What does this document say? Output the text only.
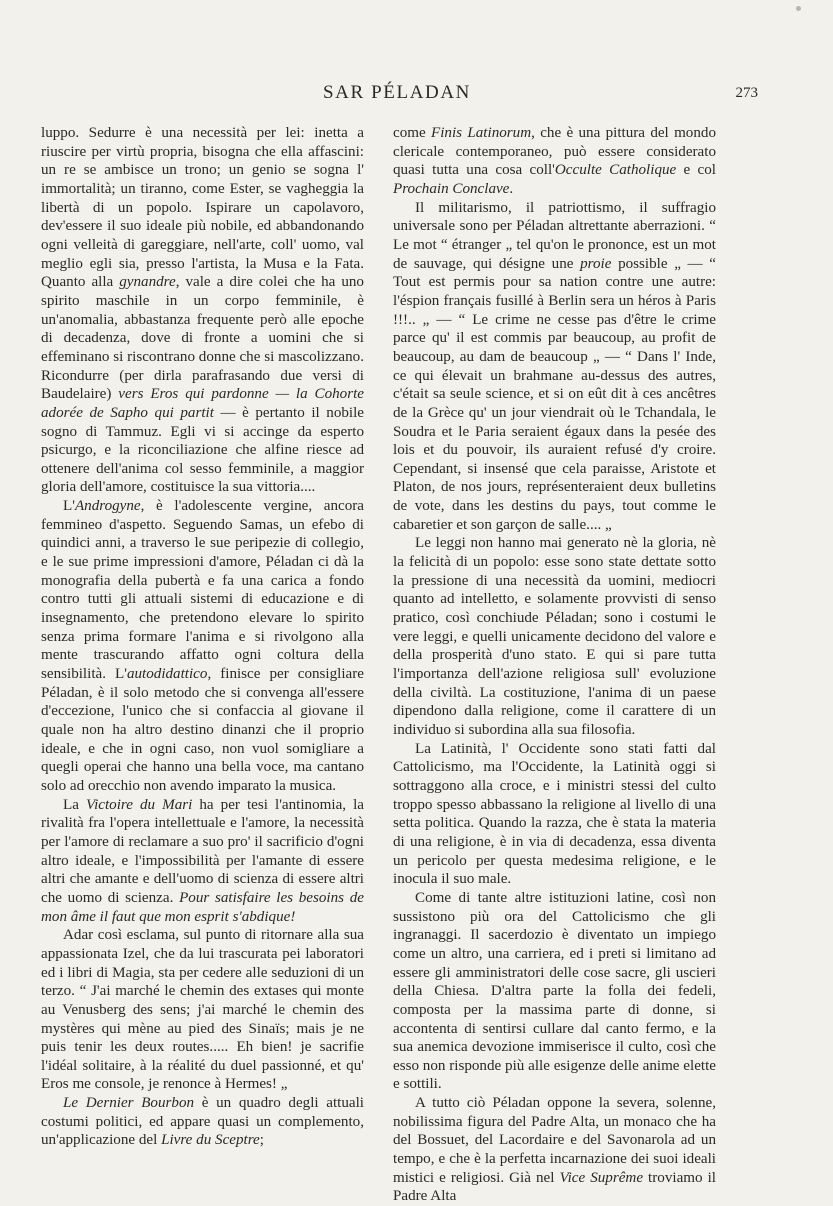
SAR PÉLADAN	273

luppo. Sedurre è una necessità per lei: inetta a riuscire per virtù propria, bisogna che ella affascini: un re se ambisce un trono; un genio se sogna l' immortalità; un tiranno, come Ester, se vagheggia la libertà di un popolo. Ispirare un capolavoro, dev'essere il suo ideale più nobile, ed abbandonando ogni velleità di gareggiare, nell'arte, coll' uomo, val meglio egli sia, presso l'artista, la Musa e la Fata. Quanto alla gynandre, vale a dire colei che ha uno spirito maschile in un corpo femminile, è un'anomalia, abbastanza frequente però alle epoche di decadenza, dove di fronte a uomini che si effeminano si riscontrano donne che si mascolizzano. Ricondurre (per dirla parafrasando due versi di Baudelaire) vers Eros qui pardonne — la Cohorte adorée de Sapho qui partit — è pertanto il nobile sogno di Tammuz. Egli vi si accinge da esperto psicurgo, e la riconciliazione che alfine riesce ad ottenere dell'anima col sesso femminile, a maggior gloria dell'amore, costituisce la sua vittoria....

L'Androgyne, è l'adolescente vergine, ancora femmineo d'aspetto. Seguendo Samas, un efebo di quindici anni, a traverso le sue peripezie di collegio, e le sue prime impressioni d'amore, Péladan ci dà la monografia della pubertà e fa una carica a fondo contro tutti gli attuali sistemi di educazione e di insegnamento, che pretendono elevare lo spirito senza prima formare l'anima e si rivolgono alla mente trascurando affatto ogni coltura della sensibilità. L'autodidattico, finisce per consigliare Péladan, è il solo metodo che si convenga all'essere d'eccezione, l'unico che si confaccia al giovane il quale non ha altro destino dinanzi che il proprio ideale, e che in ogni caso, non vuol somigliare a quegli operai che hanno una bella voce, ma cantano solo ad orecchio non avendo imparato la musica.

La Victoire du Mari ha per tesi l'antinomia, la rivalità fra l'opera intellettuale e l'amore, la necessità per l'amore di reclamare a suo pro' il sacrificio d'ogni altro ideale, e l'impossibilità per l'amante di essere altri che amante e dell'uomo di scienza di essere altri che uomo di scienza. Pour satisfaire les besoins de mon âme il faut que mon esprit s'abdique!

Adar così esclama, sul punto di ritornare alla sua appassionata Izel, che da lui trascurata pei laboratori ed i libri di Magia, sta per cedere alle seduzioni di un terzo. “ J'ai marché le chemin des extases qui monte au Venusberg des sens; j'ai marché le chemin des mystères qui mène au pied des Sinaïs; mais je ne puis tenir les deux routes..... Eh bien! je sacrifie l'idéal solitaire, à la réalité du duel passionné, et qu' Eros me console, je renonce à Hermes! „

Le Dernier Bourbon è un quadro degli attuali costumi politici, ed appare quasi un complemento, un'applicazione del Livre du Sceptre;

come Finis Latinorum, che è una pittura del mondo clericale contemporaneo, può essere considerato quasi tutta una cosa coll'Occulte Catholique e col Prochain Conclave.

Il militarismo, il patriottismo, il suffragio universale sono per Péladan altrettante aberrazioni. “ Le mot “ étranger „ tel qu'on le prononce, est un mot de sauvage, qui désigne une proie possible „ — “ Tout est permis pour sa nation contre une autre: l'éspion français fusillé à Berlin sera un héros à Paris !!!.. „ — “ Le crime ne cesse pas d'être le crime parce qu' il est commis par beaucoup, au profit de beaucoup, au dam de beaucoup „ — “ Dans l' Inde, ce qui élevait un brahmane au-dessus des autres, c'était sa seule science, et si on eût dit à ces ancêtres de la Grèce qu' un jour viendrait où le Tchandala, le Soudra et le Paria seraient égaux dans la pesée des lois et du pouvoir, ils auraient refusé d'y croire. Cependant, si insensé que cela paraisse, Aristote et Platon, de nos jours, représenteraient deux bulletins de vote, dans les destins du pays, tout comme le cabaretier et son garçon de salle.... „

Le leggi non hanno mai generato nè la gloria, nè la felicità di un popolo: esse sono state dettate sotto la pressione di una necessità da uomini, mediocri quanto ad intelletto, e solamente provvisti di senso pratico, così conchiude Péladan; sono i costumi le vere leggi, e quelli unicamente decidono del valore e della prosperità d'uno stato. E qui si pare tutta l'importanza dell'azione religiosa sull' evoluzione della civiltà. La costituzione, l'anima di un paese dipendono dalla religione, come il carattere di un individuo si subordina alla sua filosofia.

La Latinità, l' Occidente sono stati fatti dal Cattolicismo, ma l'Occidente, la Latinità oggi si sottraggono alla croce, e i ministri stessi del culto troppo spesso abbassano la religione al livello di una setta politica. Quando la razza, che è stata la materia di una religione, è in via di decadenza, essa diventa un pericolo per questa medesima religione, e le inocula il suo male.

Come di tante altre istituzioni latine, così non sussistono più ora del Cattolicismo che gli ingranaggi. Il sacerdozio è diventato un impiego come un altro, una carriera, ed i preti si limitano ad essere gli amministratori delle cose sacre, gli uscieri della Chiesa. D'altra parte la folla dei fedeli, composta per la massima parte di donne, si accontenta di sentirsi cullare dal canto fermo, e la sua anemica devozione immiserisce il culto, così che esso non risponde più alle esigenze delle anime elette e sottili.

A tutto ciò Péladan oppone la severa, solenne, nobilissima figura del Padre Alta, un monaco che ha del Bossuet, del Lacordaire e del Savonarola ad un tempo, e che è la perfetta incarnazione dei suoi ideali mistici e religiosi. Già nel Vice Suprême troviamo il Padre Alta
